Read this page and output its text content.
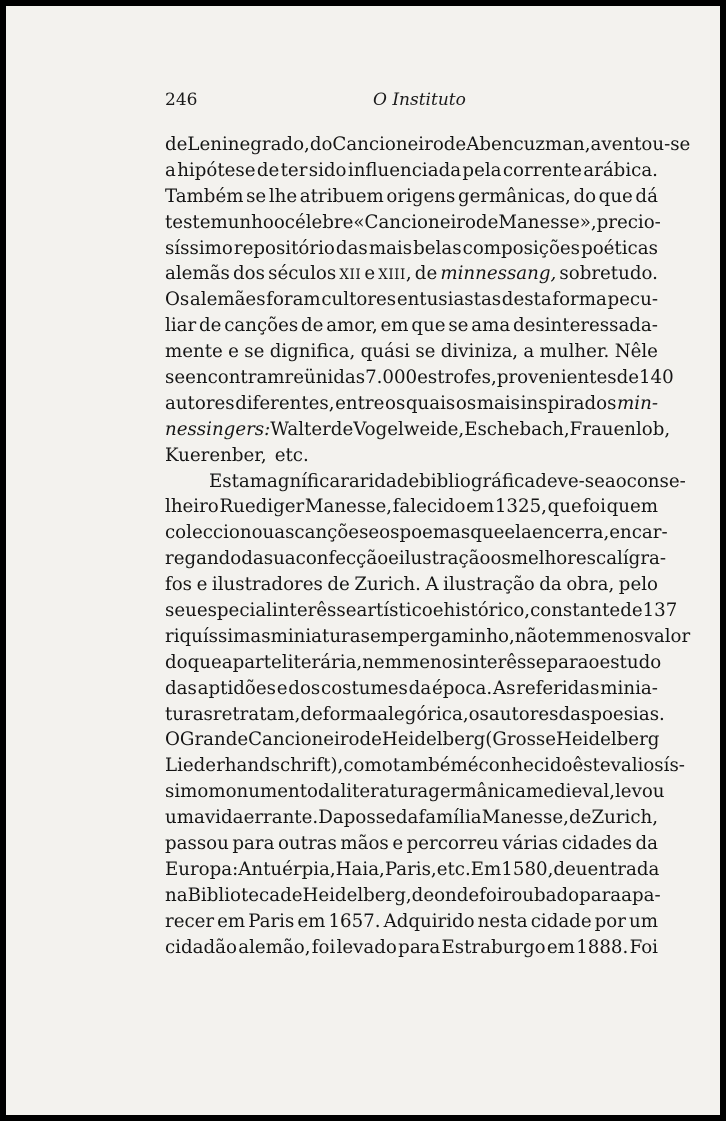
246	O Instituto
de Leninegrado, do Cancioneiro de Abencuzman, aventou-se
a hipótese de ter sido influenciada pela corrente arábica.
Também se lhe atribuem origens germânicas, do que dá
testemunho o célebre «Cancioneiro de Manesse», precio-
síssimo repositório das mais belas composições poéticas
alemãs dos séculos XII e XIII, de minnessang, sobretudo.
Os alemães foram cultores entusiastas desta forma pecu-
liar de canções de amor, em que se ama desinteressada-
mente e se dignifica, quási se diviniza, a mulher. Nêle
se encontram reünidas 7.000 estrofes, provenientes de 140
autores diferentes, entre os quais os mais inspirados min-
nessingers: Walter de Vogelweide, Eschebach, Frauenlob,
Kuerenber, etc.
Esta magnífica raridade bibliográfica deve-se ao conse-
lheiro Ruediger Manesse, falecido em 1325, que foi quem
coleccionou as canções e os poemas que ela encerra, encar-
regando da sua confecção e ilustração os melhores calígra-
fos e ilustradores de Zurich. A ilustração da obra, pelo
seu especial interêsse artístico e histórico, constante de 137
riquíssimas miniaturas em pergaminho, não tem menos valor
do que a parte literária, nem menos interêsse para o estudo
das aptidões e dos costumes da época. As referidas minia-
turas retratam, de forma alegórica, os autores das poesias.
O Grande Cancioneiro de Heidelberg (Grosse Heidelberg
Liederhandschrift), como também é conhecido êste valiosís-
simo monumento da literatura germânica medieval, levou
uma vida errante. Da posse da família Manesse, de Zurich,
passou para outras mãos e percorreu várias cidades da
Europa: Antuérpia, Haia, Paris, etc. Em 1580, deu entrada
na Biblioteca de Heidelberg, de onde foi roubado para apa-
recer em Paris em 1657. Adquirido nesta cidade por um
cidadão alemão, foi levado para Estraburgo em 1888. Foi
